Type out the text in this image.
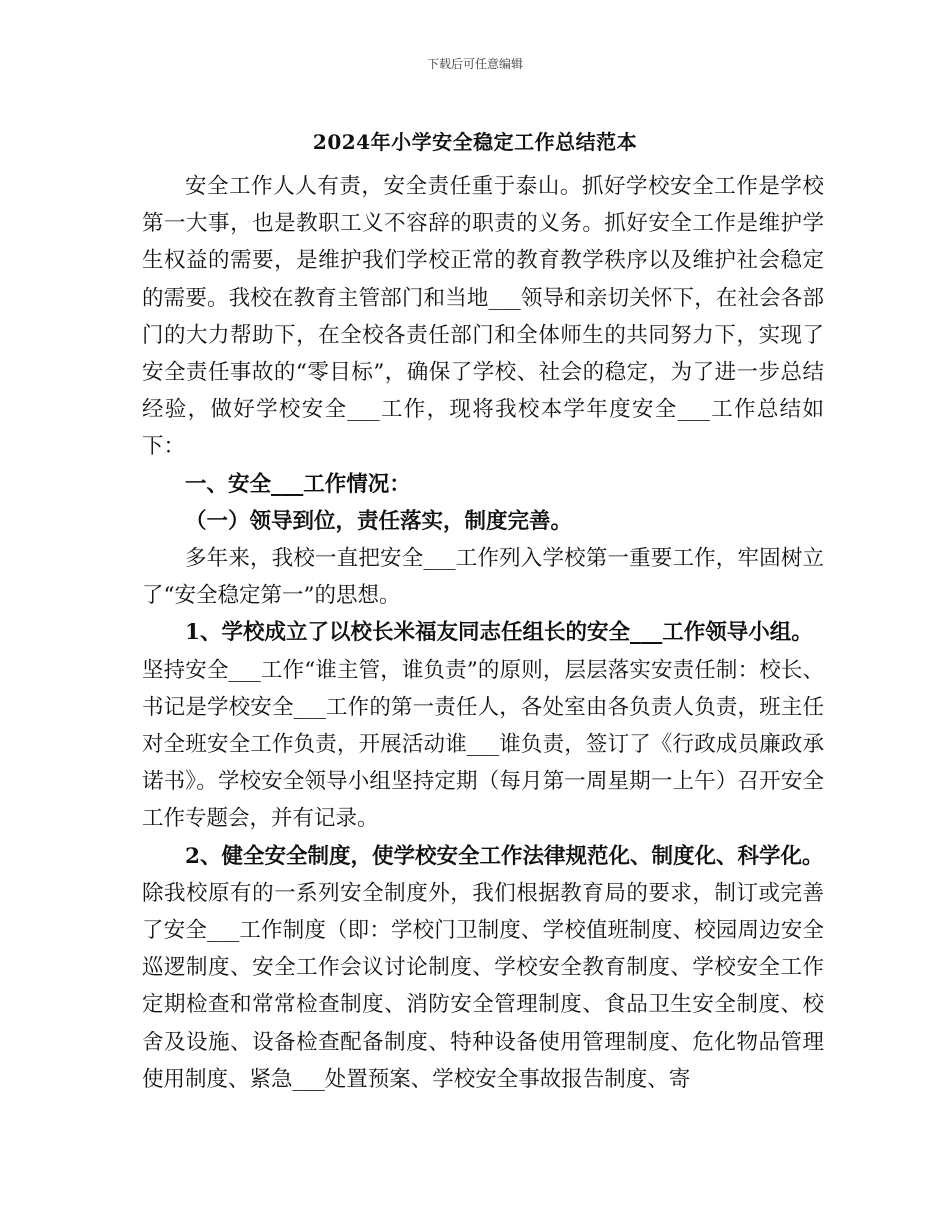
下载后可任意编辑
2024年小学安全稳定工作总结范本

安全工作人人有责，安全责任重于泰山。抓好学校安全工作是学校第一大事，也是教职工义不容辞的职责的义务。抓好安全工作是维护学生权益的需要，是维护我们学校正常的教育教学秩序以及维护社会稳定的需要。我校在教育主管部门和当地___领导和亲切关怀下，在社会各部门的大力帮助下，在全校各责任部门和全体师生的共同努力下，实现了安全责任事故的“零目标”，确保了学校、社会的稳定，为了进一步总结经验，做好学校安全___工作，现将我校本学年度安全___工作总结如下：

一、安全___工作情况：

（一）领导到位，责任落实，制度完善。

多年来，我校一直把安全___工作列入学校第一重要工作，牢固树立了“安全稳定第一”的思想。

1、学校成立了以校长米福友同志任组长的安全___工作领导小组。

坚持安全___工作“谁主管，谁负责”的原则，层层落实安责任制：校长、书记是学校安全___工作的第一责任人，各处室由各负责人负责，班主任对全班安全工作负责，开展活动谁___谁负责，签订了《行政成员廉政承诺书》。学校安全领导小组坚持定期（每月第一周星期一上午）召开安全工作专题会，并有记录。

2、健全安全制度，使学校安全工作法律规范化、制度化、科学化。

除我校原有的一系列安全制度外，我们根据教育局的要求，制订或完善了安全___工作制度（即：学校门卫制度、学校值班制度、校园周边安全巡逻制度、安全工作会议讨论制度、学校安全教育制度、学校安全工作定期检查和常常检查制度、消防安全管理制度、食品卫生安全制度、校舍及设施、设备检查配备制度、特种设备使用管理制度、危化物品管理使用制度、紧急___处置预案、学校安全事故报告制度、寄
